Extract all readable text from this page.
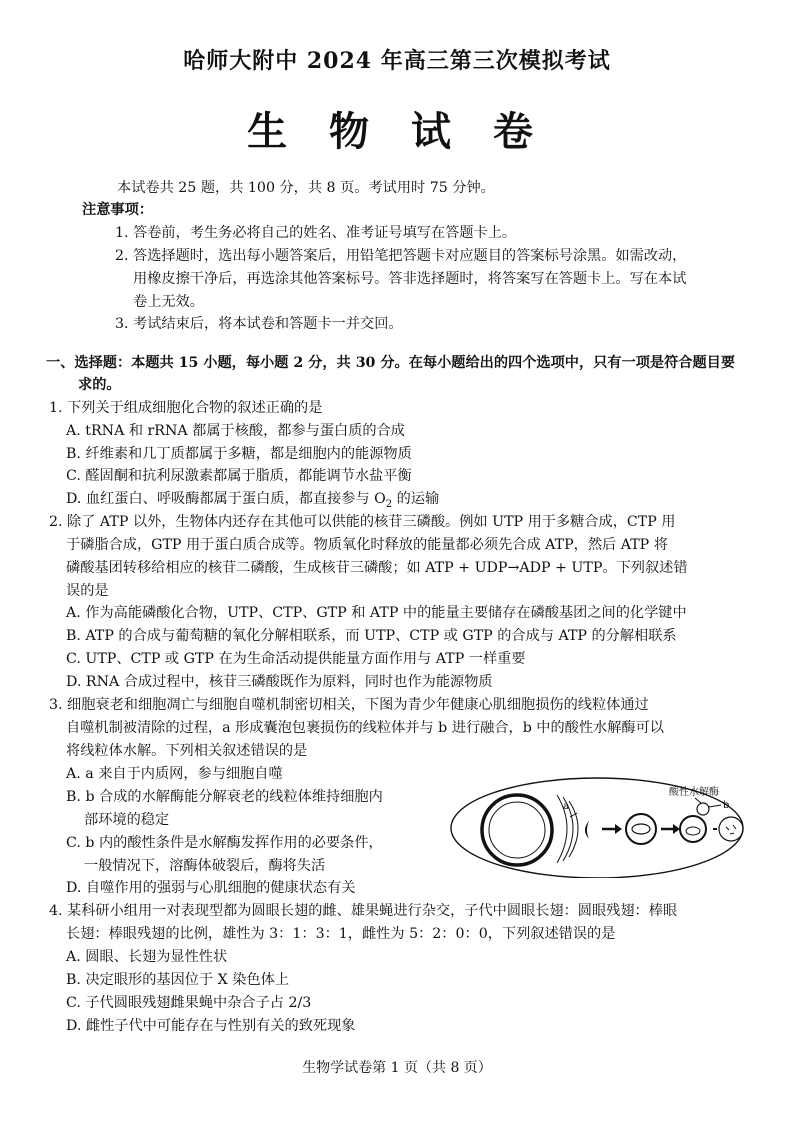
哈师大附中 2024 年高三第三次模拟考试
生 物 试 卷
本试卷共 25 题，共 100 分，共 8 页。考试用时 75 分钟。
注意事项：
1. 答卷前，考生务必将自己的姓名、准考证号填写在答题卡上。
2. 答选择题时，选出每小题答案后，用铅笔把答题卡对应题目的答案标号涂黑。如需改动，
用橡皮擦干净后，再选涂其他答案标号。答非选择题时，将答案写在答题卡上。写在本试
卷上无效。
3. 考试结束后，将本试卷和答题卡一并交回。
一、选择题：本题共 15 小题，每小题 2 分，共 30 分。在每小题给出的四个选项中，只有一项是符合题目要
求的。
1. 下列关于组成细胞化合物的叙述正确的是
A. tRNA 和 rRNA 都属于核酸，都参与蛋白质的合成
B. 纤维素和几丁质都属于多糖，都是细胞内的能源物质
C. 醛固酮和抗利尿激素都属于脂质，都能调节水盐平衡
D. 血红蛋白、呼吸酶都属于蛋白质，都直接参与 $O_2$ 的运输
2. 除了 ATP 以外，生物体内还存在其他可以供能的核苷三磷酸。例如 UTP 用于多糖合成，CTP 用
于磷脂合成，GTP 用于蛋白质合成等。物质氧化时释放的能量都必须先合成 ATP，然后 ATP 将
磷酸基团转移给相应的核苷二磷酸，生成核苷三磷酸；如 ATP + UDP→ADP + UTP。下列叙述错
误的是
A. 作为高能磷酸化合物，UTP、CTP、GTP 和 ATP 中的能量主要储存在磷酸基团之间的化学键中
B. ATP 的合成与葡萄糖的氧化分解相联系，而 UTP、CTP 或 GTP 的合成与 ATP 的分解相联系
C. UTP、CTP 或 GTP 在为生命活动提供能量方面作用与 ATP 一样重要
D. RNA 合成过程中，核苷三磷酸既作为原料，同时也作为能源物质
3. 细胞衰老和细胞凋亡与细胞自噬机制密切相关，下图为青少年健康心肌细胞损伤的线粒体通过
自噬机制被清除的过程，a 形成囊泡包裹损伤的线粒体并与 b 进行融合，b 中的酸性水解酶可以
将线粒体水解。下列相关叙述错误的是
A. a 来自于内质网，参与细胞自噬
B. b 合成的水解酶能分解衰老的线粒体维持细胞内
部环境的稳定
C. b 内的酸性条件是水解酶发挥作用的必要条件，
一般情况下，溶酶体破裂后，酶将失活
D. 自噬作用的强弱与心肌细胞的健康状态有关
a	b
酸性水解酶
4. 某科研小组用一对表现型都为圆眼长翅的雌、雄果蝇进行杂交，子代中圆眼长翅：圆眼残翅：棒眼
长翅：棒眼残翅的比例，雄性为 3：1：3：1，雌性为 5：2：0：0，下列叙述错误的是
A. 圆眼、长翅为显性性状
B. 决定眼形的基因位于 X 染色体上
C. 子代圆眼残翅雌果蝇中杂合子占 2/3
D. 雌性子代中可能存在与性别有关的致死现象
生物学试卷第 1 页（共 8 页）
